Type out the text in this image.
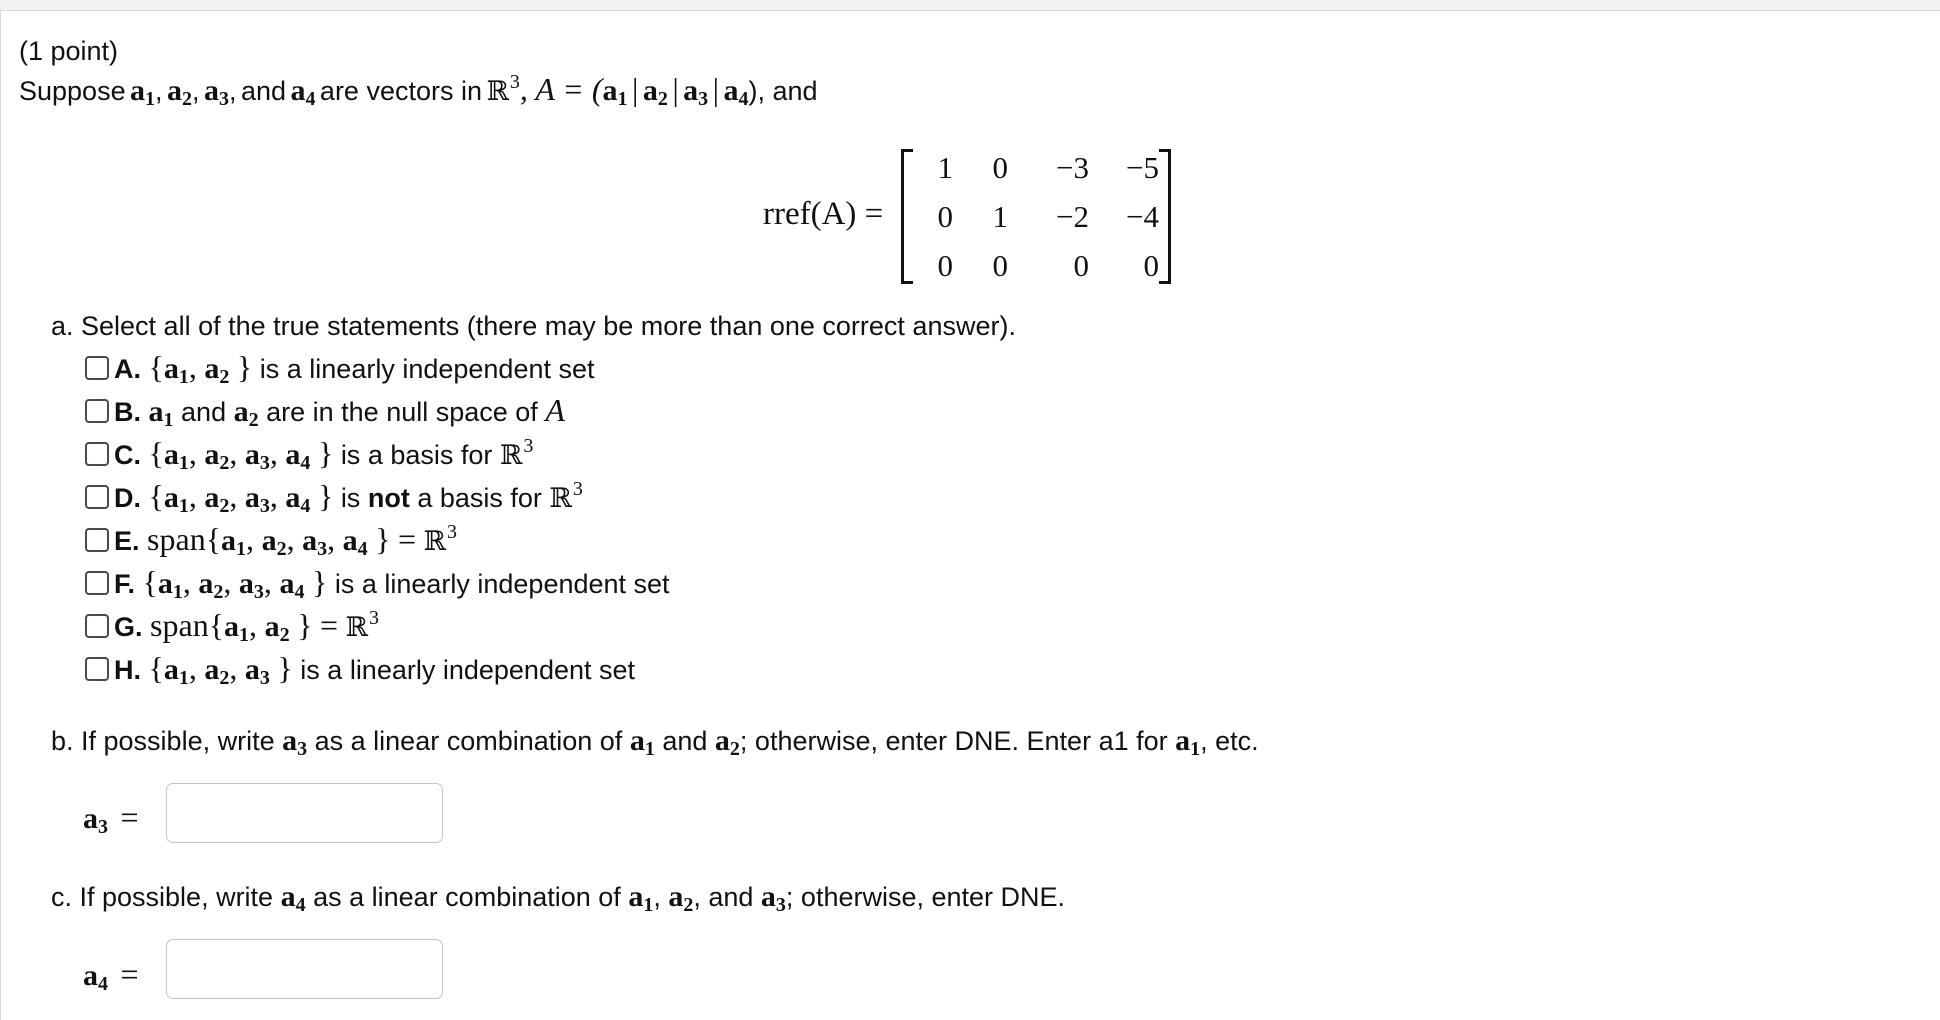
(1 point)
Suppose $a_1$, $a_2$, $a_3$, and $a_4$ are vectors in ℝ$^3$, $A = (a_1$ | $a_2$ | $a_3$ | $a_4$), and
rref(A) =
1	0	−3	−5
0	1	−2	−4
0	0	0	0
a. Select all of the true statements (there may be more than one correct answer).
A. {$a_1$, $a_2$ } is a linearly independent set
B. $a_1$ and $a_2$ are in the null space of A
C. {$a_1$, $a_2$, $a_3$, $a_4$ } is a basis for ℝ$^3$
D. {$a_1$, $a_2$, $a_3$, $a_4$ } is not a basis for ℝ$^3$
E. $span\{a_1$, $a_2$, $a_3$, $a_4$ } = ℝ$^3$
F. {$a_1$, $a_2$, $a_3$, $a_4$ } is a linearly independent set
G. $span\{a_1$, $a_2$ } = ℝ$^3$
H. {$a_1$, $a_2$, $a_3$ } is a linearly independent set
b. If possible, write $a_3$ as a linear combination of $a_1$ and $a_2$; otherwise, enter DNE. Enter a1 for $a_1$, etc.
$a_3$ =
c. If possible, write $a_4$ as a linear combination of $a_1$, $a_2$, and $a_3$; otherwise, enter DNE.
$a_4$ =
